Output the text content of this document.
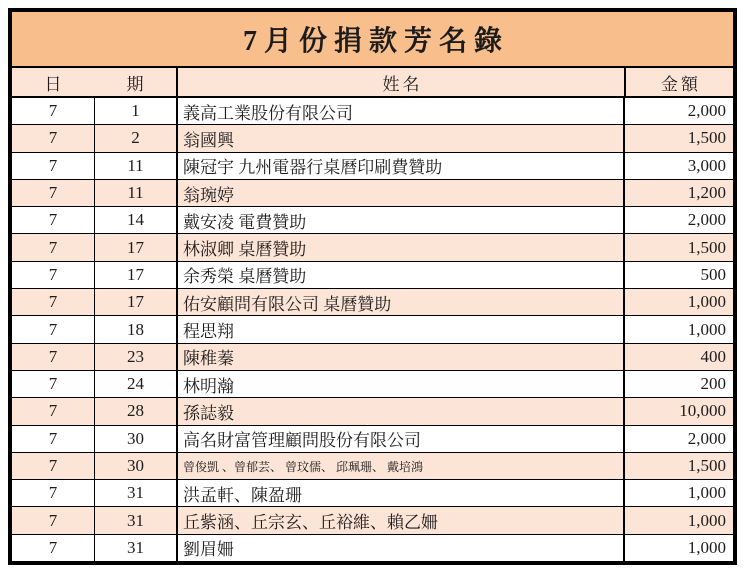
7月份捐款芳名錄
日	期	姓名	金額
7	1	義高工業股份有限公司	2,000
7	2	翁國興	1,500
7	11	陳冠宇 九州電器行桌曆印刷費贊助	3,000
7	11	翁琬婷	1,200
7	14	戴安凌 電費贊助	2,000
7	17	林淑卿 桌曆贊助	1,500
7	17	余秀榮 桌曆贊助	500
7	17	佑安顧問有限公司 桌曆贊助	1,000
7	18	程思翔	1,000
7	23	陳稚蓁	400
7	24	林明瀚	200
7	28	孫誌毅	10,000
7	30	高名財富管理顧問股份有限公司	2,000
7	30	曾俊凱 、曾郁芸、 曾玟儒、 邱珮珊、 戴培鴻	1,500
7	31	洪孟軒、陳盈珊	1,000
7	31	丘紫涵、丘宗玄、丘裕維、賴乙姍	1,000
7	31	劉眉姍	1,000
